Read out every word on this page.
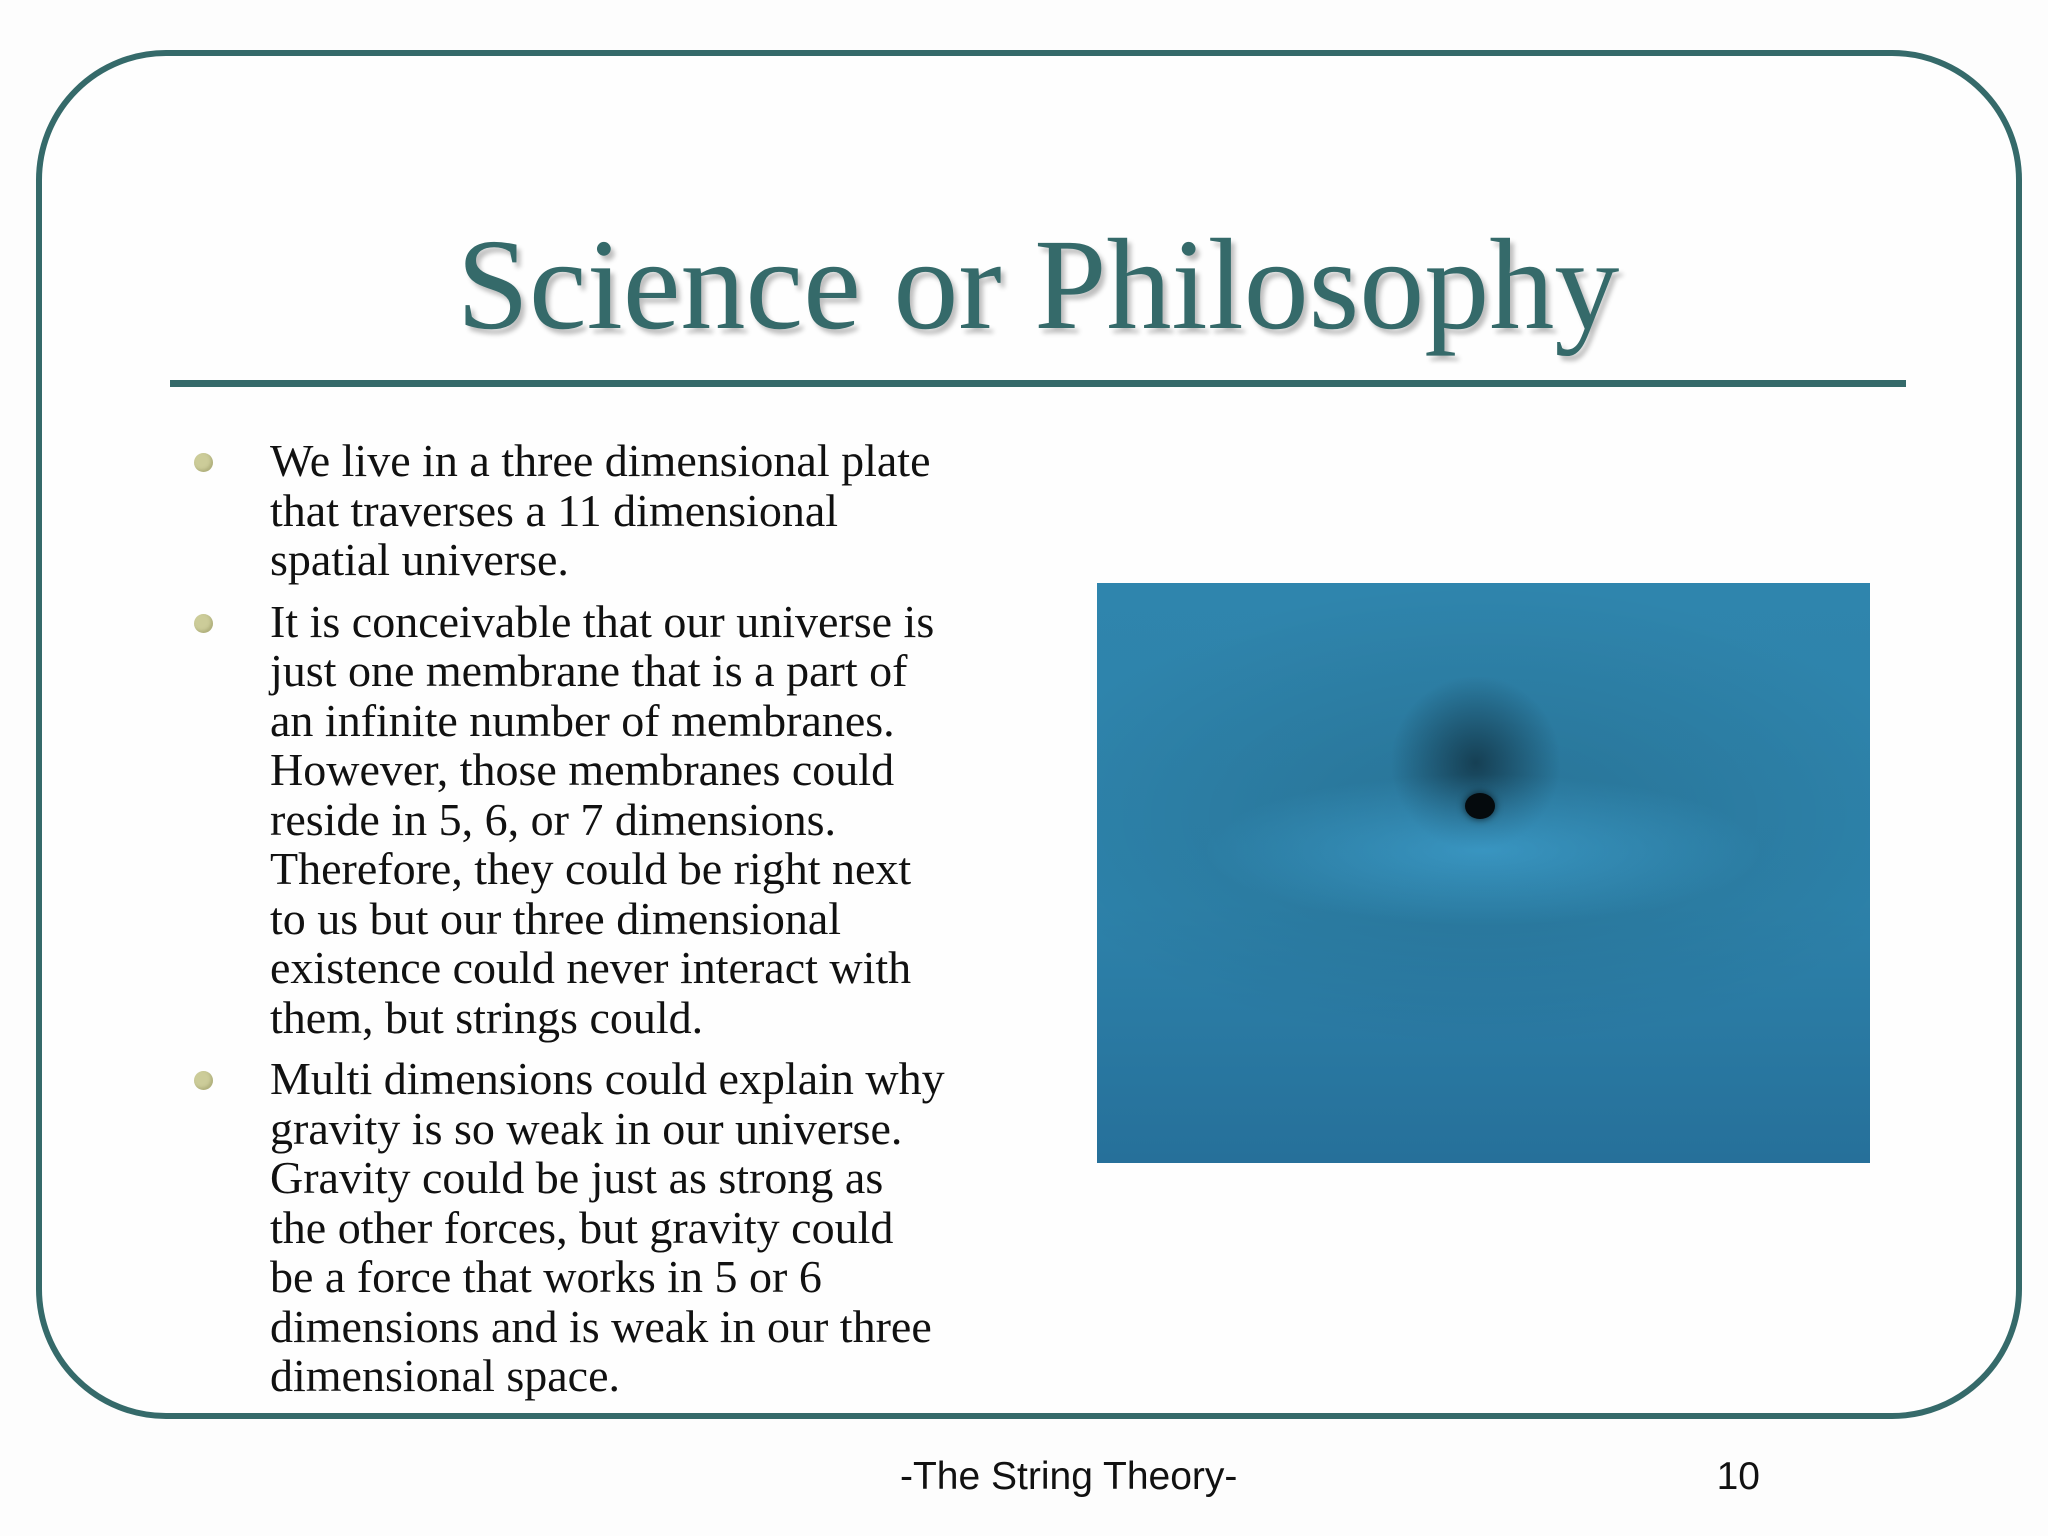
Science or Philosophy
We live in a three dimensional plate
that traverses a 11 dimensional
spatial universe.
It is conceivable that our universe is
just one membrane that is a part of
an infinite number of membranes.
However, those membranes could
reside in 5, 6, or 7 dimensions.
Therefore, they could be right next
to us but our three dimensional
existence could never interact with
them, but strings could.
Multi dimensions could explain why
gravity is so weak in our universe.
Gravity could be just as strong as
the other forces, but gravity could
be a force that works in 5 or 6
dimensions and is weak in our three
dimensional space.
-The String Theory-	10
